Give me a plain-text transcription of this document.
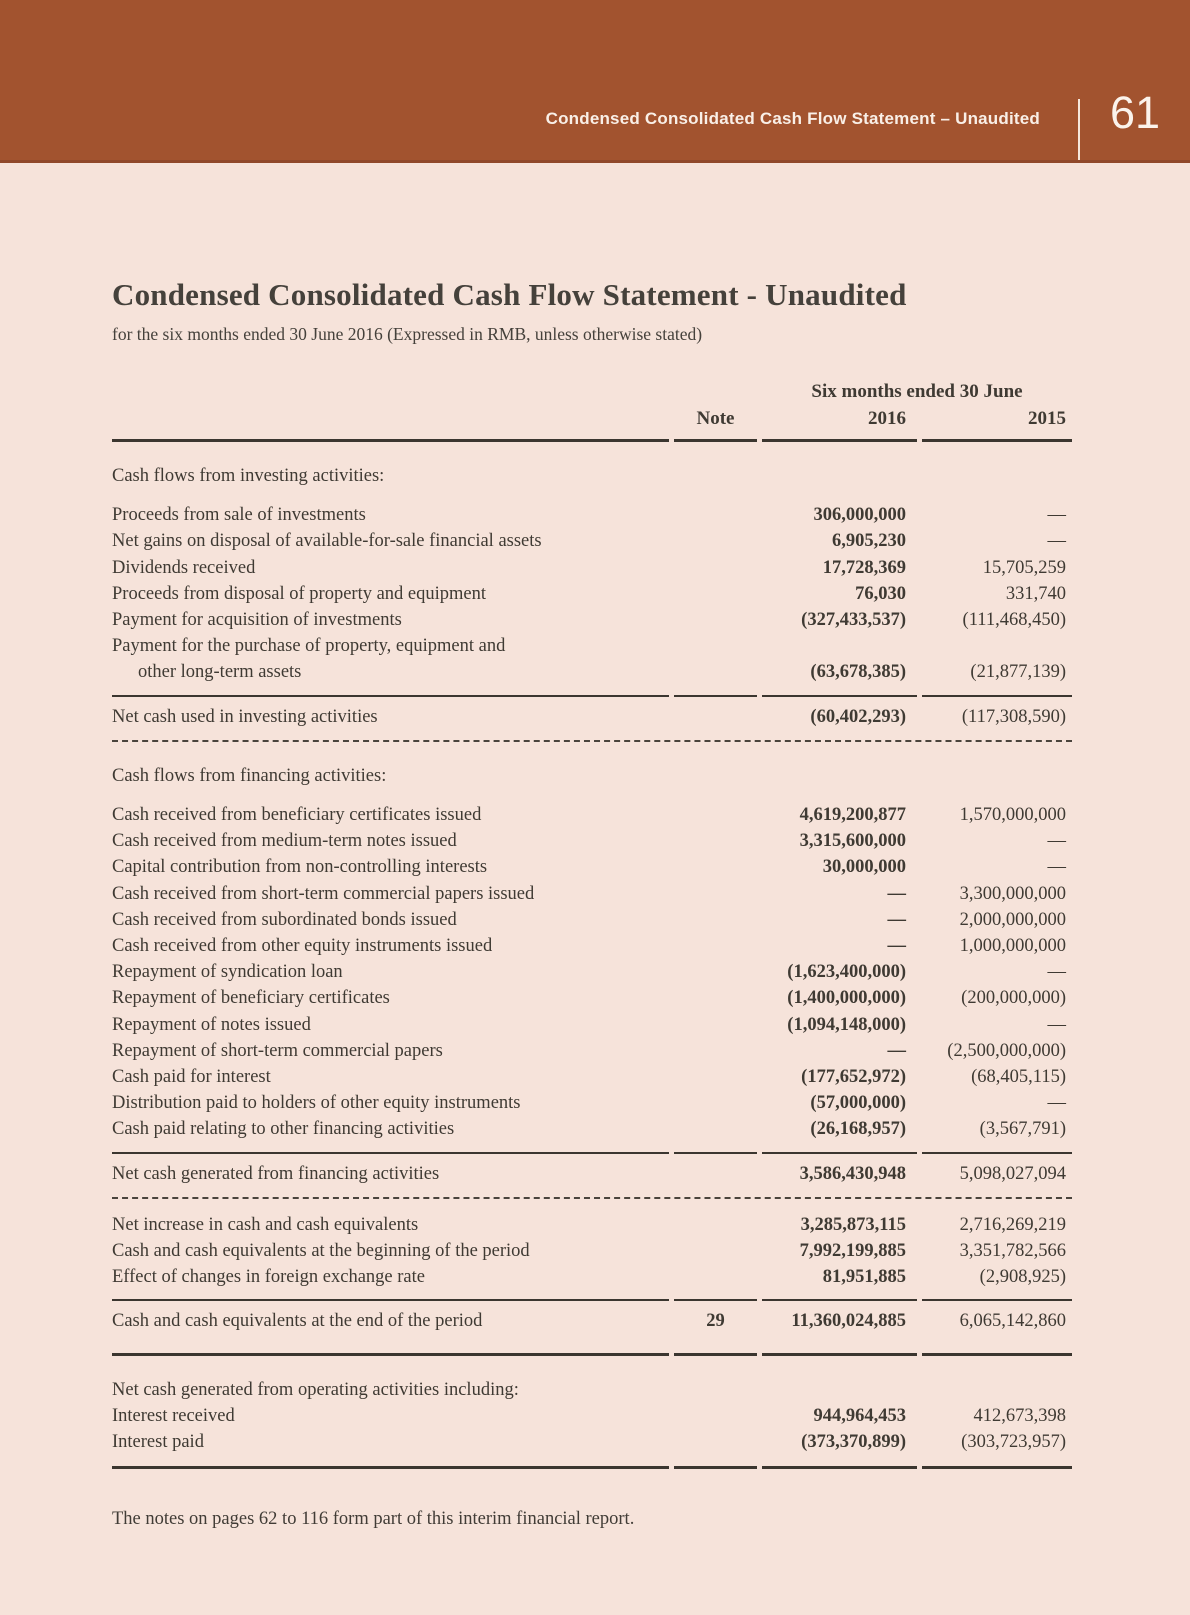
Condensed Consolidated Cash Flow Statement – Unaudited	61
Condensed Consolidated Cash Flow Statement - Unaudited

for the six months ended 30 June 2016 (Expressed in RMB, unless otherwise stated)

Six months ended 30 June
Note	2016	2015
Cash flows from investing activities:
Proceeds from sale of investments	306,000,000	—
Net gains on disposal of available-for-sale financial assets	6,905,230	—
Dividends received	17,728,369	15,705,259
Proceeds from disposal of property and equipment	76,030	331,740
Payment for acquisition of investments	(327,433,537)	(111,468,450)
Payment for the purchase of property, equipment and
other long-term assets	(63,678,385)	(21,877,139)
Net cash used in investing activities	(60,402,293)	(117,308,590)
Cash flows from financing activities:
Cash received from beneficiary certificates issued	4,619,200,877	1,570,000,000
Cash received from medium-term notes issued	3,315,600,000	—
Capital contribution from non-controlling interests	30,000,000	—
Cash received from short-term commercial papers issued	—	3,300,000,000
Cash received from subordinated bonds issued	—	2,000,000,000
Cash received from other equity instruments issued	—	1,000,000,000
Repayment of syndication loan	(1,623,400,000)	—
Repayment of beneficiary certificates	(1,400,000,000)	(200,000,000)
Repayment of notes issued	(1,094,148,000)	—
Repayment of short-term commercial papers	—	(2,500,000,000)
Cash paid for interest	(177,652,972)	(68,405,115)
Distribution paid to holders of other equity instruments	(57,000,000)	—
Cash paid relating to other financing activities	(26,168,957)	(3,567,791)
Net cash generated from financing activities	3,586,430,948	5,098,027,094
Net increase in cash and cash equivalents	3,285,873,115	2,716,269,219
Cash and cash equivalents at the beginning of the period	7,992,199,885	3,351,782,566
Effect of changes in foreign exchange rate	81,951,885	(2,908,925)
Cash and cash equivalents at the end of the period	29	11,360,024,885	6,065,142,860
Net cash generated from operating activities including:
Interest received	944,964,453	412,673,398
Interest paid	(373,370,899)	(303,723,957)

The notes on pages 62 to 116 form part of this interim financial report.
